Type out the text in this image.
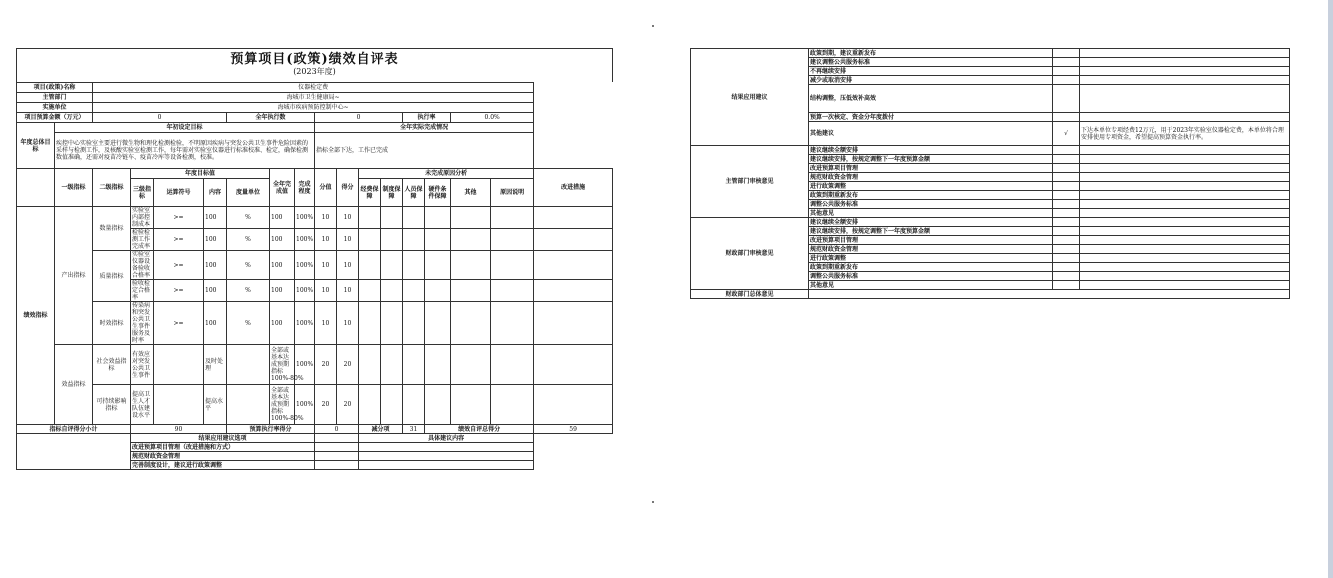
预算项目(政策)绩效自评表
(2023年度)
项目(政策)名称		仪器检定费															
主管部门		海城市卫生健康局~															
实施单位		海城市疾病预防控制中心~															
项目预算金额（万元）		0				全年执行数			0				执行率		0.0%		
年度总体目标	年初设定目标								全年实际完成情况								
	疾控中心实验室主要进行微生物和理化检测检验，不明原因疾病与突发公共卫生事件危险因素的采样与检测工作，及核酸实验室检测工作，每年需对实验室仪器进行标准校准、检定，确保检测数值准确，还需对疫苗冷链车、疫苗冷库等设备检测，校准。								指标全部下达，工作已完成								
	一级指标	二级指标	年度目标值				全年完成值	完成程度	分值	得分	未完成原因分析						改进措施
			三级指标	运算符号	内容	度量单位					经费保障	制度保障	人员保障	硬件条件保障	其他	原因说明	
绩效指标	产出指标	数量指标	实验室内部控制成本	>=	100	%	100	100%	10	10							
			检验检测工作完成率	>=	100	%	100	100%	10	10							
		质量指标	实验室仪器设备验收合格率	>=	100	%	100	100%	10	10							
			验收检定合格率	>=	100	%	100	100%	10	10							
		时效指标	传染病和突发公共卫生事件服务及时率	>=	100	%	100	100%	10	10							
	效益指标	社会效益指标	有效应对突发公共卫生事件		及时处理		全部或基本达成预期指标100%-80%	100%	20	20							
		可持续影响指标	提高卫生人才队伍建设水平		提高水平		全部或基本达成预期指标100%-80%	100%	20	20							
指标自评得分小计			90			预算执行率得分			0		减分项		31	绩效自评总得分			59
			结果应用建议选项								具体建议内容						
			改进预算项目管理（改进措施和方式）														
			规范财政资金管理														
			完善制度设计，建议进行政策调整														
结果应用建议	政策到期，建议重新发布		
	建议调整公共服务标准		
	不再继续安排		
	减少或取消安排		
	结构调整，压低效补高效		
	预算一次核定、资金分年度拨付		
	其他建议	√	下达本单位专项经费12万元，用于2023年实验室仪器检定费，本单位将合理安排使用专项资金，希望提高预算资金执行率。
主管部门审核意见	建议继续全额安排		
	建议继续安排，按规定调整下一年度预算金额		
	改进预算项目管理		
	规范财政资金管理		
	进行政策调整		
	政策到期重新发布		
	调整公共服务标准		
	其他意见		
财政部门审核意见	建议继续全额安排		
	建议继续安排，按规定调整下一年度预算金额		
	改进预算项目管理		
	规范财政资金管理		
	进行政策调整		
	政策到期重新发布		
	调整公共服务标准		
	其他意见		
财政部门总体意见			
